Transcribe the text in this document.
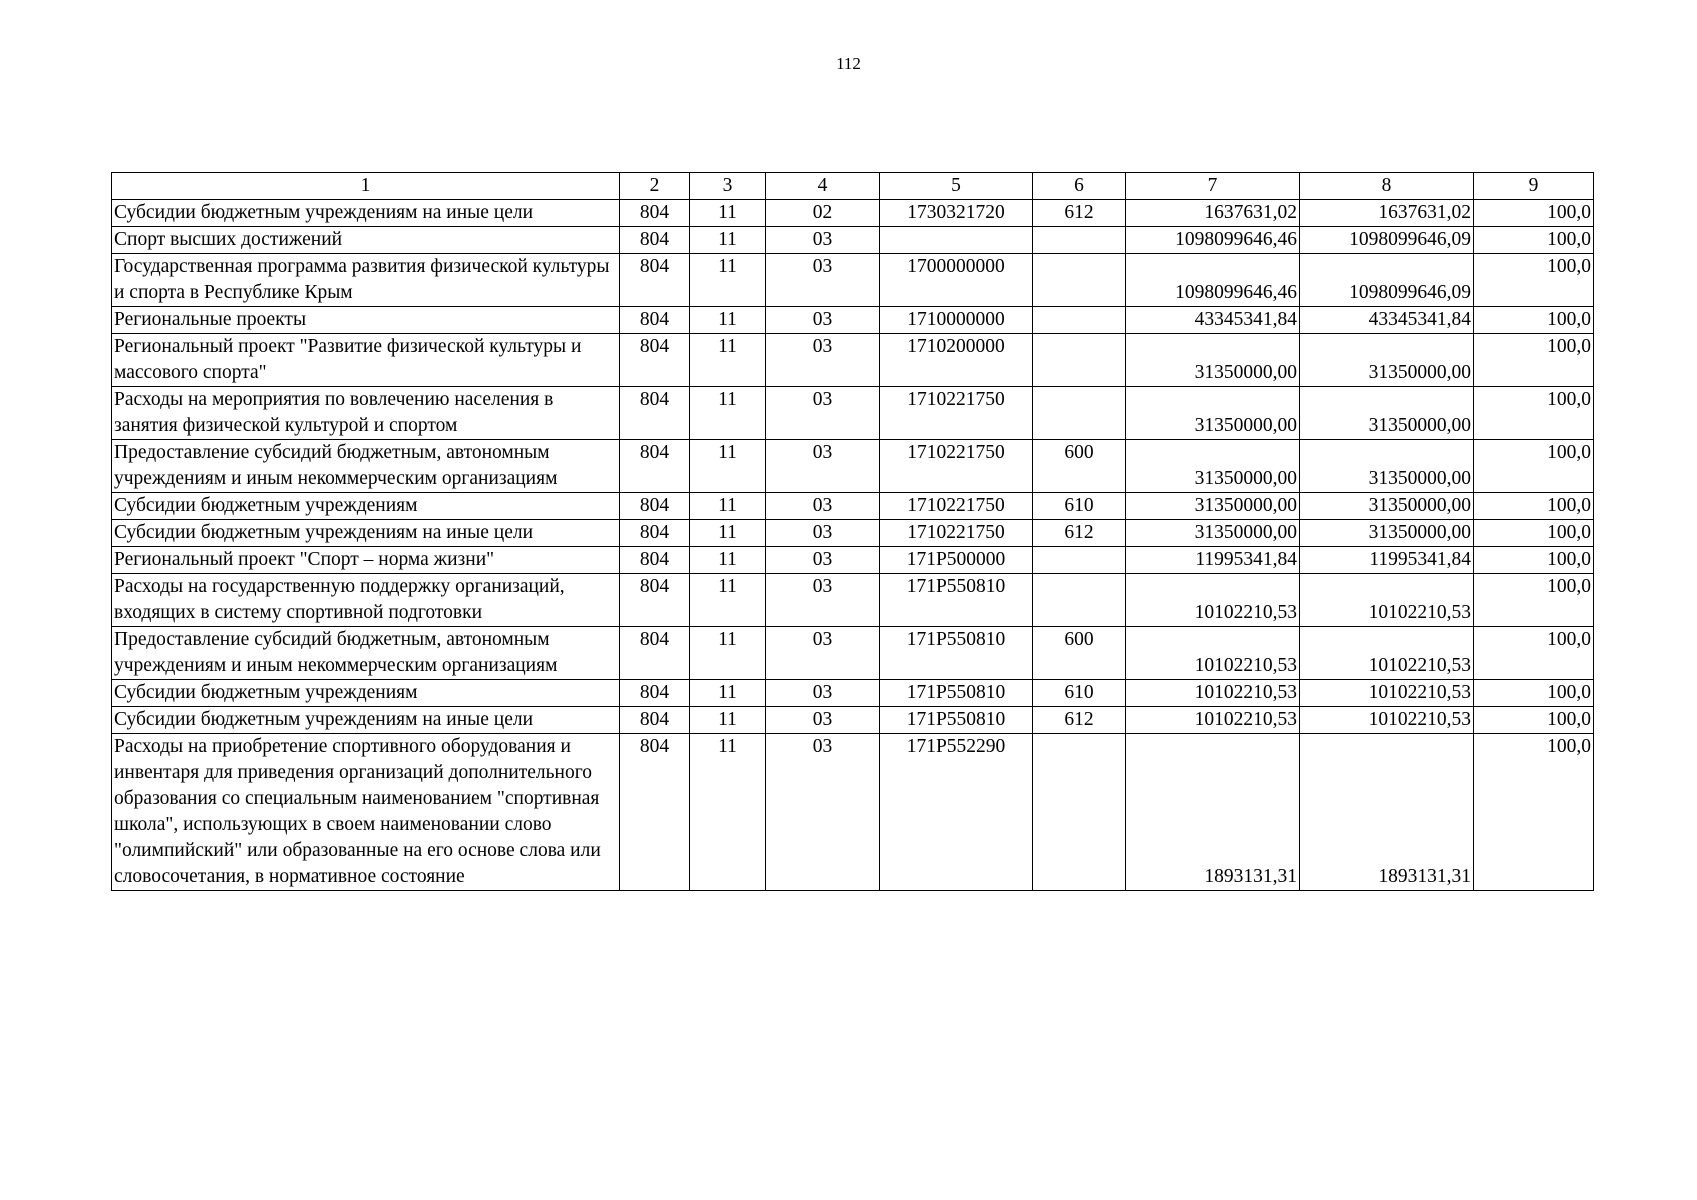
112
1	2	3	4	5	6	7	8	9
Субсидии бюджетным учреждениям на иные цели	804	11	02	1730321720	612	1637631,02	1637631,02	100,0
Спорт высших достижений	804	11	03			1098099646,46	1098099646,09	100,0
Государственная программа развития физической культуры и спорта в Республике Крым	804	11	03	1700000000		1098099646,46	1098099646,09	100,0
Региональные проекты	804	11	03	1710000000		43345341,84	43345341,84	100,0
Региональный проект "Развитие физической культуры и массового спорта"	804	11	03	1710200000		31350000,00	31350000,00	100,0
Расходы на мероприятия по вовлечению населения в занятия физической культурой и спортом	804	11	03	1710221750		31350000,00	31350000,00	100,0
Предоставление субсидий бюджетным, автономным учреждениям и иным некоммерческим организациям	804	11	03	1710221750	600	31350000,00	31350000,00	100,0
Субсидии бюджетным учреждениям	804	11	03	1710221750	610	31350000,00	31350000,00	100,0
Субсидии бюджетным учреждениям на иные цели	804	11	03	1710221750	612	31350000,00	31350000,00	100,0
Региональный проект "Спорт – норма жизни"	804	11	03	171P500000		11995341,84	11995341,84	100,0
Расходы на государственную поддержку организаций, входящих в систему спортивной подготовки	804	11	03	171P550810		10102210,53	10102210,53	100,0
Предоставление субсидий бюджетным, автономным учреждениям и иным некоммерческим организациям	804	11	03	171P550810	600	10102210,53	10102210,53	100,0
Субсидии бюджетным учреждениям	804	11	03	171P550810	610	10102210,53	10102210,53	100,0
Субсидии бюджетным учреждениям на иные цели	804	11	03	171P550810	612	10102210,53	10102210,53	100,0
Расходы на приобретение спортивного оборудования и инвентаря для приведения организаций дополнительного образования со специальным наименованием "спортивная школа", использующих в своем наименовании слово "олимпийский" или образованные на его основе слова или словосочетания, в нормативное состояние	804	11	03	171P552290		1893131,31	1893131,31	100,0
